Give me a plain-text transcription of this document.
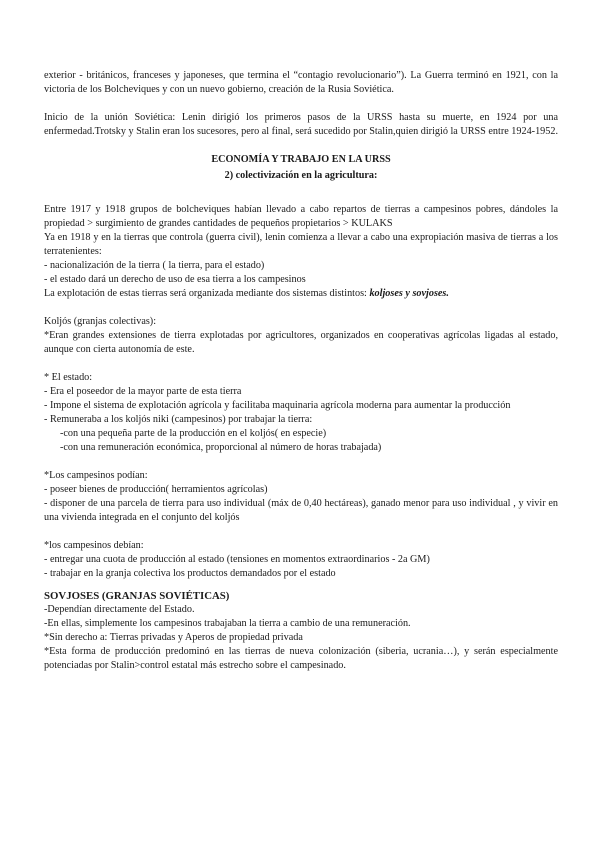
exterior - británicos, franceses y japoneses, que termina el “contagio revolucionario”). La Guerra terminó en 1921, con la victoria de los Bolcheviques y con un nuevo gobierno, creación de la Rusia Soviética.

Inicio de la unión Soviética: Lenin dirigió los primeros pasos de la URSS hasta su muerte, en 1924 por una enfermedad.Trotsky y Stalin eran los sucesores, pero al final, será sucedido por Stalin,quien dirigió la URSS entre 1924-1952.

ECONOMÍA Y TRABAJO EN LA URSS

2) colectivización en la agricultura:

Entre 1917 y 1918 grupos de bolcheviques habían llevado a cabo repartos de tierras a campesinos pobres, dándoles la propiedad > surgimiento de grandes cantidades de pequeños propietarios > KULAKS

Ya en 1918 y en la tierras que controla (guerra civil), lenin comienza a llevar a cabo una expropiación masiva de tierras a los terratenientes:

- nacionalización de la tierra ( la tierra, para el estado)

- el estado dará un derecho de uso de esa tierra a los campesinos

La explotación de estas tierras será organizada mediante dos sistemas distintos: koljoses y sovjoses.

Koljós (granjas colectivas):

*Eran grandes extensiones de tierra explotadas por agricultores, organizados en cooperativas agrícolas ligadas al estado, aunque con cierta autonomía de este.

* El estado:

- Era el poseedor de la mayor parte de esta tierra

- Impone el sistema de explotación agrícola y facilitaba maquinaria agrícola moderna para aumentar la producción

- Remuneraba a los koljós niki (campesinos) por trabajar la tierra:

-con una pequeña parte de la producción en el koljós( en especie)

-con una remuneración económica, proporcional al número de horas trabajada)

*Los campesinos podían:

- poseer bienes de producción( herramientos agrícolas)

- disponer de una parcela de tierra para uso individual (máx de 0,40 hectáreas), ganado menor para uso individual , y vivir en una vivienda integrada en el conjunto del koljós

*los campesinos debían:

- entregar una cuota de producción al estado (tensiones en momentos extraordinarios - 2a GM)

- trabajar en la granja colectiva los productos demandados por el estado

SOVJOSES (GRANJAS SOVIÉTICAS)

-Dependían directamente del Estado.

-En ellas, simplemente los campesinos trabajaban la tierra a cambio de una remuneración.

*Sin derecho a: Tierras privadas y Aperos de propiedad privada

*Esta forma de producción predominó en las tierras de nueva colonización (siberia, ucrania…), y serán especialmente potenciadas por Stalin>control estatal más estrecho sobre el campesinado.
